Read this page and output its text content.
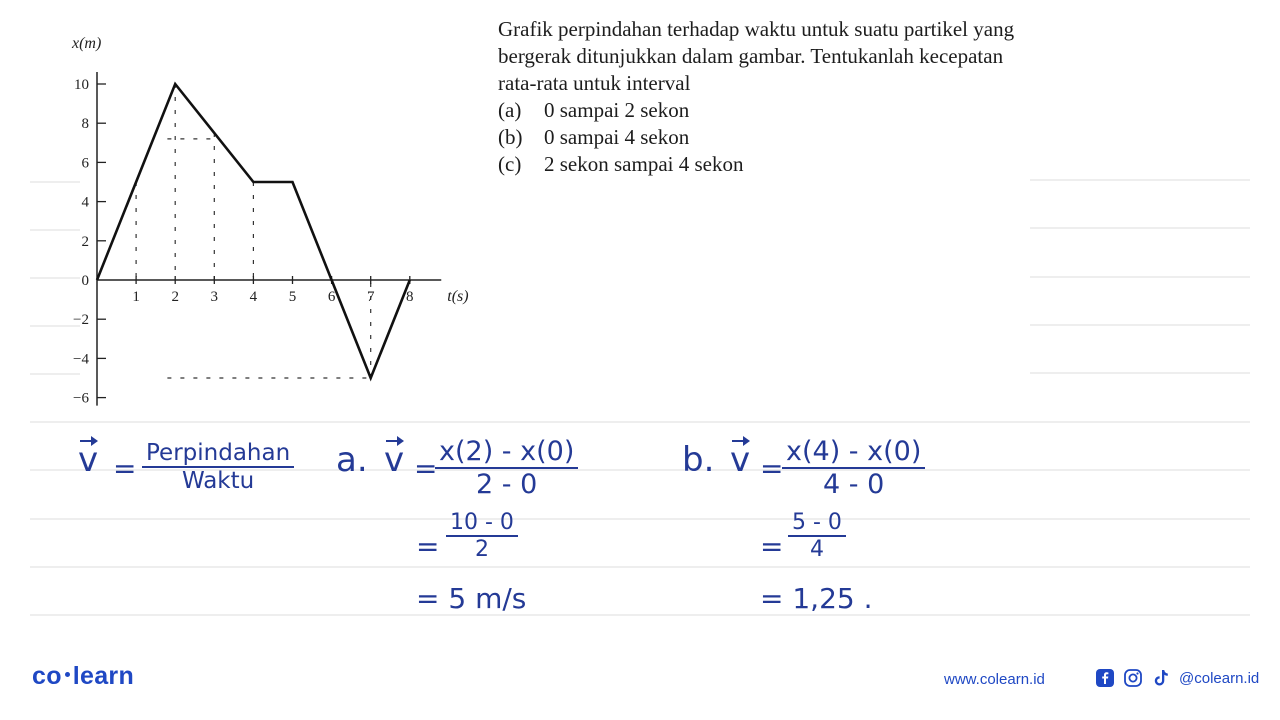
10
8
6
4
2
0
−2
−4
−6
1 2 3 4 5 6 7 8
x(m)
t(s)

Grafik perpindahan terhadap waktu untuk suatu partikel yang bergerak ditunjukkan dalam gambar. Tentukanlah kecepatan rata-rata untuk interval

(a)	0 sampai 2 sekon
(b)	0 sampai 4 sekon
(c)	2 sekon sampai 4 sekon
v = Perpindahan
Waktu
a. v =
$\frac{x(2) - x(0)}{2 - 0}$
= $\frac{10 - 0}{2}$
= 5 m/s
b. v =
$\frac{x(4) - x(0)}{4 - 0}$
= $\frac{5 - 0}{4}$
= 1,25 .
co learn	www.colearn.id	@colearn.id
